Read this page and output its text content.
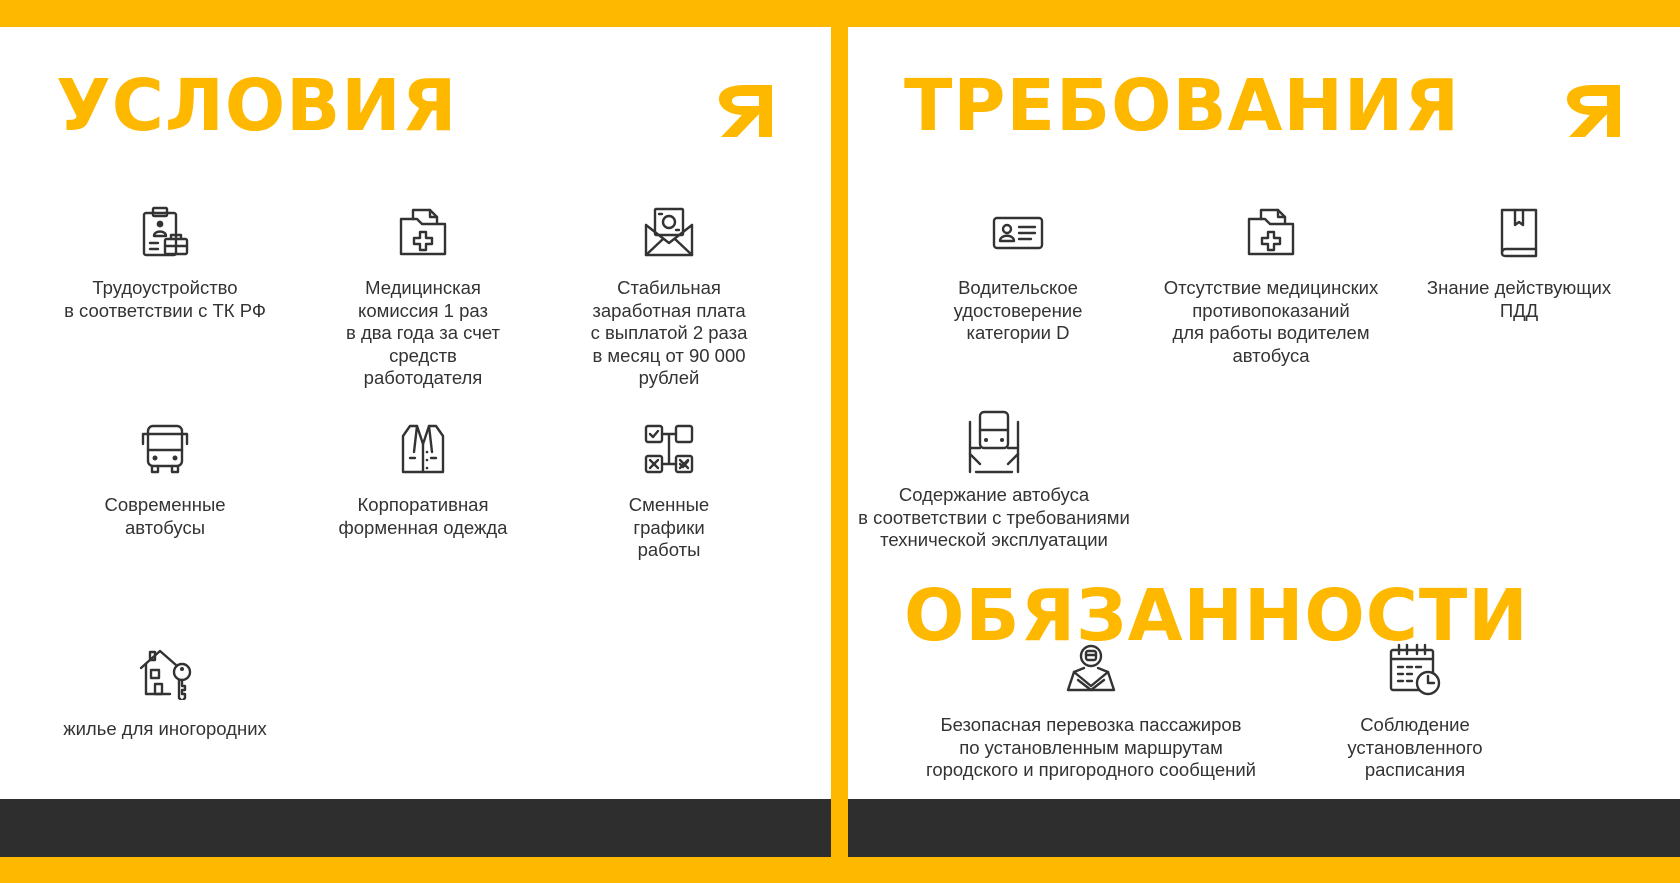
УСЛОВИЯ
Трудоустройство
в соответствии с ТК РФ
Медицинская
комиссия 1 раз
в два года за счет
средств
работодателя
Стабильная
заработная плата
с выплатой 2 раза
в месяц от 90 000
рублей
Современные
автобусы
Корпоративная
форменная одежда
Сменные
графики
работы
жилье для иногородних
ТРЕБОВАНИЯ
Водительское
удостоверение
категории D
Отсутствие медицинских
противопоказаний
для работы водителем
автобуса
Знание действующих
ПДД
Содержание автобуса
в соответствии с требованиями
технической эксплуатации
ОБЯЗАННОСТИ
Безопасная перевозка пассажиров
по установленным маршрутам
городского и пригородного сообщений
Соблюдение
установленного
расписания
